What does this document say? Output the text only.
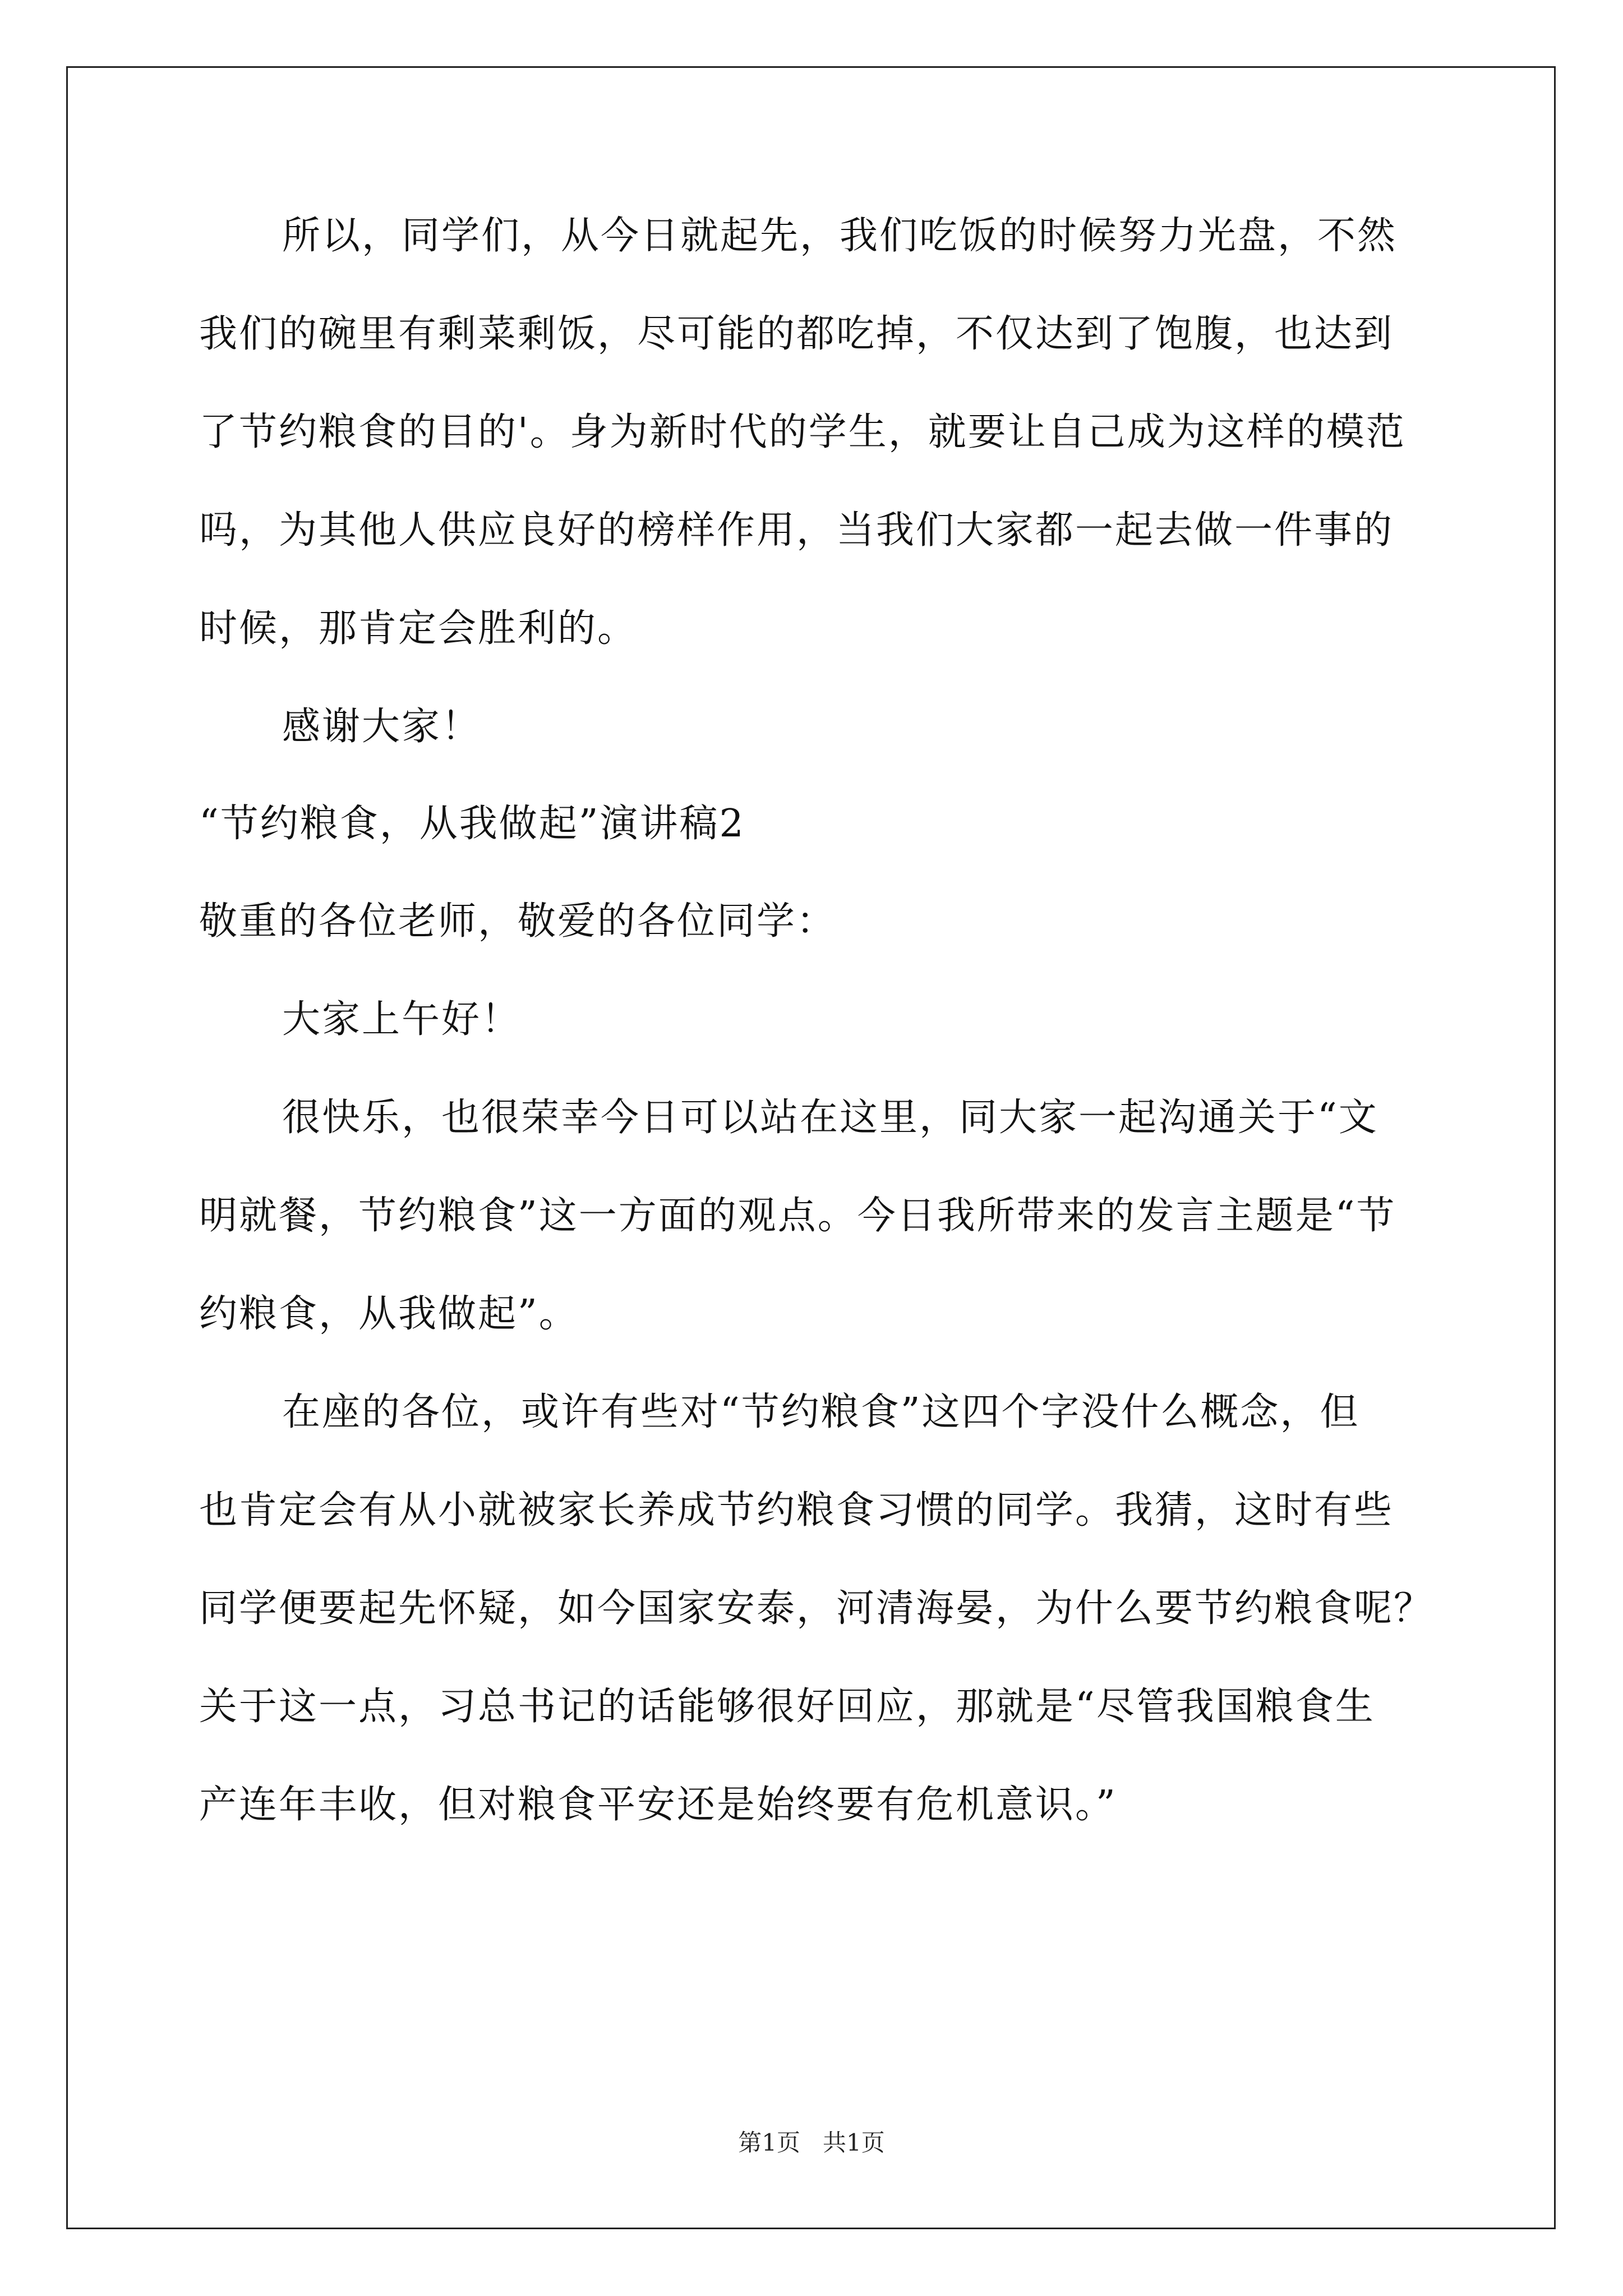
所以，同学们，从今日就起先，我们吃饭的时候努力光盘，不然
我们的碗里有剩菜剩饭，尽可能的都吃掉，不仅达到了饱腹，也达到
了节约粮食的目的'。身为新时代的学生，就要让自己成为这样的模范
吗，为其他人供应良好的榜样作用，当我们大家都一起去做一件事的
时候，那肯定会胜利的。
感谢大家！
“节约粮食，从我做起”演讲稿2
敬重的各位老师，敬爱的各位同学：
大家上午好！
很快乐，也很荣幸今日可以站在这里，同大家一起沟通关于“文
明就餐，节约粮食”这一方面的观点。今日我所带来的发言主题是“节
约粮食，从我做起”。
在座的各位，或许有些对“节约粮食”这四个字没什么概念，但
也肯定会有从小就被家长养成节约粮食习惯的同学。我猜，这时有些
同学便要起先怀疑，如今国家安泰，河清海晏，为什么要节约粮食呢？
关于这一点，习总书记的话能够很好回应，那就是“尽管我国粮食生
产连年丰收，但对粮食平安还是始终要有危机意识。”
第1页   共1页
